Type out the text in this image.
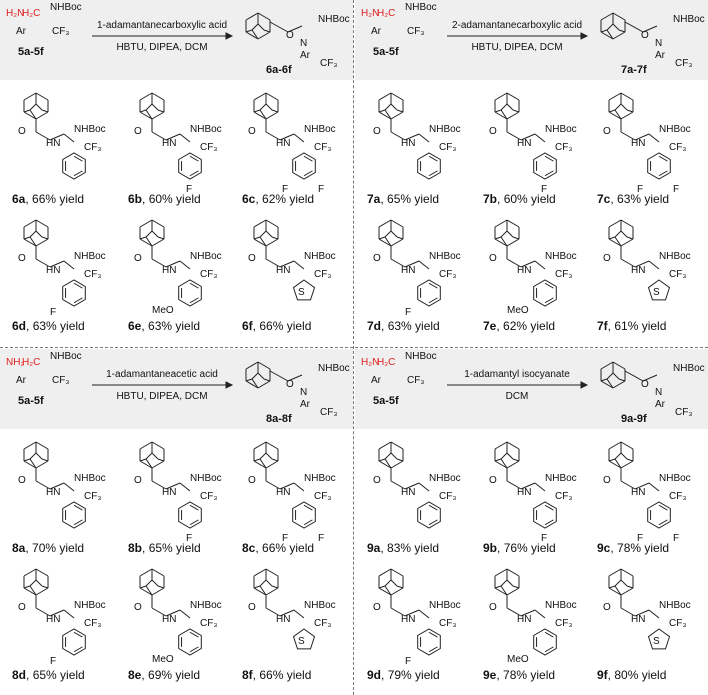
H₂N
H₂C
NHBoc
Ar	CF₃
5a-5f
1-adamantanecarboxylic acid
HBTU, DIPEA, DCM
O
N
NHBoc
Ar
CF₃
6a-6f
O
HN
NHBoc
CF₃
6a, 66% yield
O
HN
NHBoc
CF₃
F
6b, 60% yield
O
HN
NHBoc
CF₃
F	F
6c, 62% yield
O
HN
NHBoc
CF₃
F
6d, 63% yield
O
HN
NHBoc
CF₃
MeO
6e, 63% yield
O
HN
NHBoc
CF₃
S
6f, 66% yield
H₂N
H₂C
NHBoc
Ar	CF₃
5a-5f
2-adamantanecarboxylic acid
HBTU, DIPEA, DCM
O
N
NHBoc
Ar
CF₃
7a-7f
O
HN
NHBoc
CF₃
7a, 65% yield
O
HN
NHBoc
CF₃
F
7b, 60% yield
O
HN
NHBoc
CF₃
F	F
7c, 63% yield
O
HN
NHBoc
CF₃
F
7d, 63% yield
O
HN
NHBoc
CF₃
MeO
7e, 62% yield
O
HN
NHBoc
CF₃
S
7f, 61% yield
NH₂
H₂C
NHBoc
Ar	CF₃
5a-5f
1-adamantaneacetic acid
HBTU, DIPEA, DCM
O
N
NHBoc
Ar
CF₃
8a-8f
O
HN
NHBoc
CF₃
8a, 70% yield
O
HN
NHBoc
CF₃
F
8b, 65% yield
O
HN
NHBoc
CF₃
F	F
8c, 66% yield
O
HN
NHBoc
CF₃
F
8d, 65% yield
O
HN
NHBoc
CF₃
MeO
8e, 69% yield
O
HN
NHBoc
CF₃
S
8f, 66% yield
H₂N
H₂C
NHBoc
Ar	CF₃
5a-5f
1-adamantyl isocyanate
DCM
O
N
NHBoc
Ar
CF₃
9a-9f
O
HN
NHBoc
CF₃
9a, 83% yield
O
HN
NHBoc
CF₃
F
9b, 76% yield
O
HN
NHBoc
CF₃
F	F
9c, 78% yield
O
HN
NHBoc
CF₃
F
9d, 79% yield
O
HN
NHBoc
CF₃
MeO
9e, 78% yield
O
HN
NHBoc
CF₃
S
9f, 80% yield
